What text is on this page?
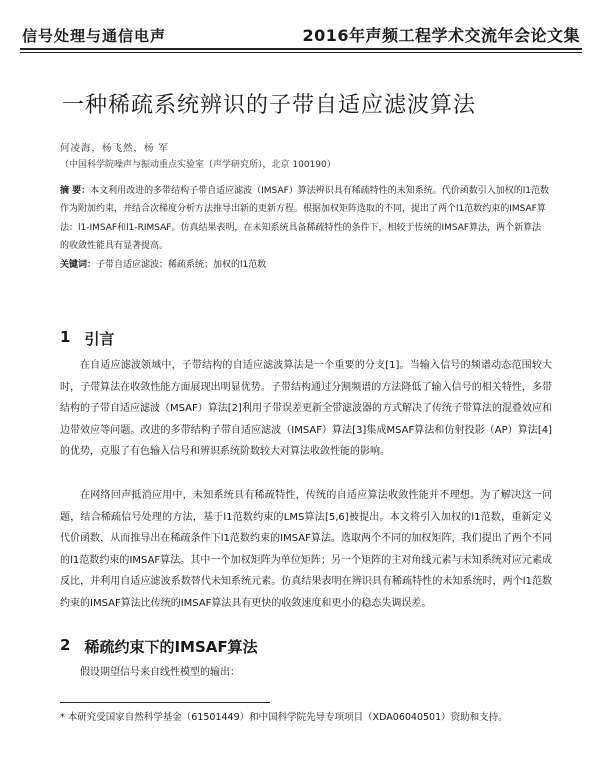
信号处理与通信电声	2016年声频工程学术交流年会论文集
一种稀疏系统辨识的子带自适应滤波算法
何凌海，杨飞然，杨 军
（中国科学院噪声与振动重点实验室（声学研究所），北京 100190）
摘 要：本文利用改进的多带结构子带自适应滤波（IMSAF）算法辨识具有稀疏特性的未知系统。代价函数引入加权的l1范数作为附加约束，并结合次梯度分析方法推导出新的更新方程。根据加权矩阵选取的不同，提出了两个l1范数约束的IMSAF算法：l1-IMSAF和l1-RIMSAF。仿真结果表明，在未知系统具备稀疏特性的条件下，相较于传统的IMSAF算法，两个新算法的收敛性能具有显著提高。
关键词：子带自适应滤波；稀疏系统；加权的l1范数
1 引言
在自适应滤波领域中，子带结构的自适应滤波算法是一个重要的分支[1]。当输入信号的频谱动态范围较大时，子带算法在收敛性能方面展现出明显优势。子带结构通过分割频谱的方法降低了输入信号的相关特性，多带结构的子带自适应滤波（MSAF）算法[2]利用子带误差更新全带滤波器的方式解决了传统子带算法的混叠效应和边带效应等问题。改进的多带结构子带自适应滤波（IMSAF）算法[3]集成MSAF算法和仿射投影（AP）算法[4]的优势，克服了有色输入信号和辨识系统阶数较大对算法收敛性能的影响。
在网络回声抵消应用中，未知系统具有稀疏特性，传统的自适应算法收敛性能并不理想。为了解决这一问题，结合稀疏信号处理的方法，基于l1范数约束的LMS算法[5,6]被提出。本文将引入加权的l1范数，重新定义代价函数，从而推导出在稀疏条件下l1范数约束的IMSAF算法。选取两个不同的加权矩阵，我们提出了两个不同的l1范数约束的IMSAF算法。其中一个加权矩阵为单位矩阵；另一个矩阵的主对角线元素与未知系统对应元素成反比，并利用自适应滤波系数替代未知系统元素。仿真结果表明在辨识具有稀疏特性的未知系统时，两个l1范数约束的IMSAF算法比传统的IMSAF算法具有更快的收敛速度和更小的稳态失调误差。
2 稀疏约束下的IMSAF算法
假设期望信号来自线性模型的输出：
* 本研究受国家自然科学基金（61501449）和中国科学院先导专项项目（XDA06040501）资助和支持。
